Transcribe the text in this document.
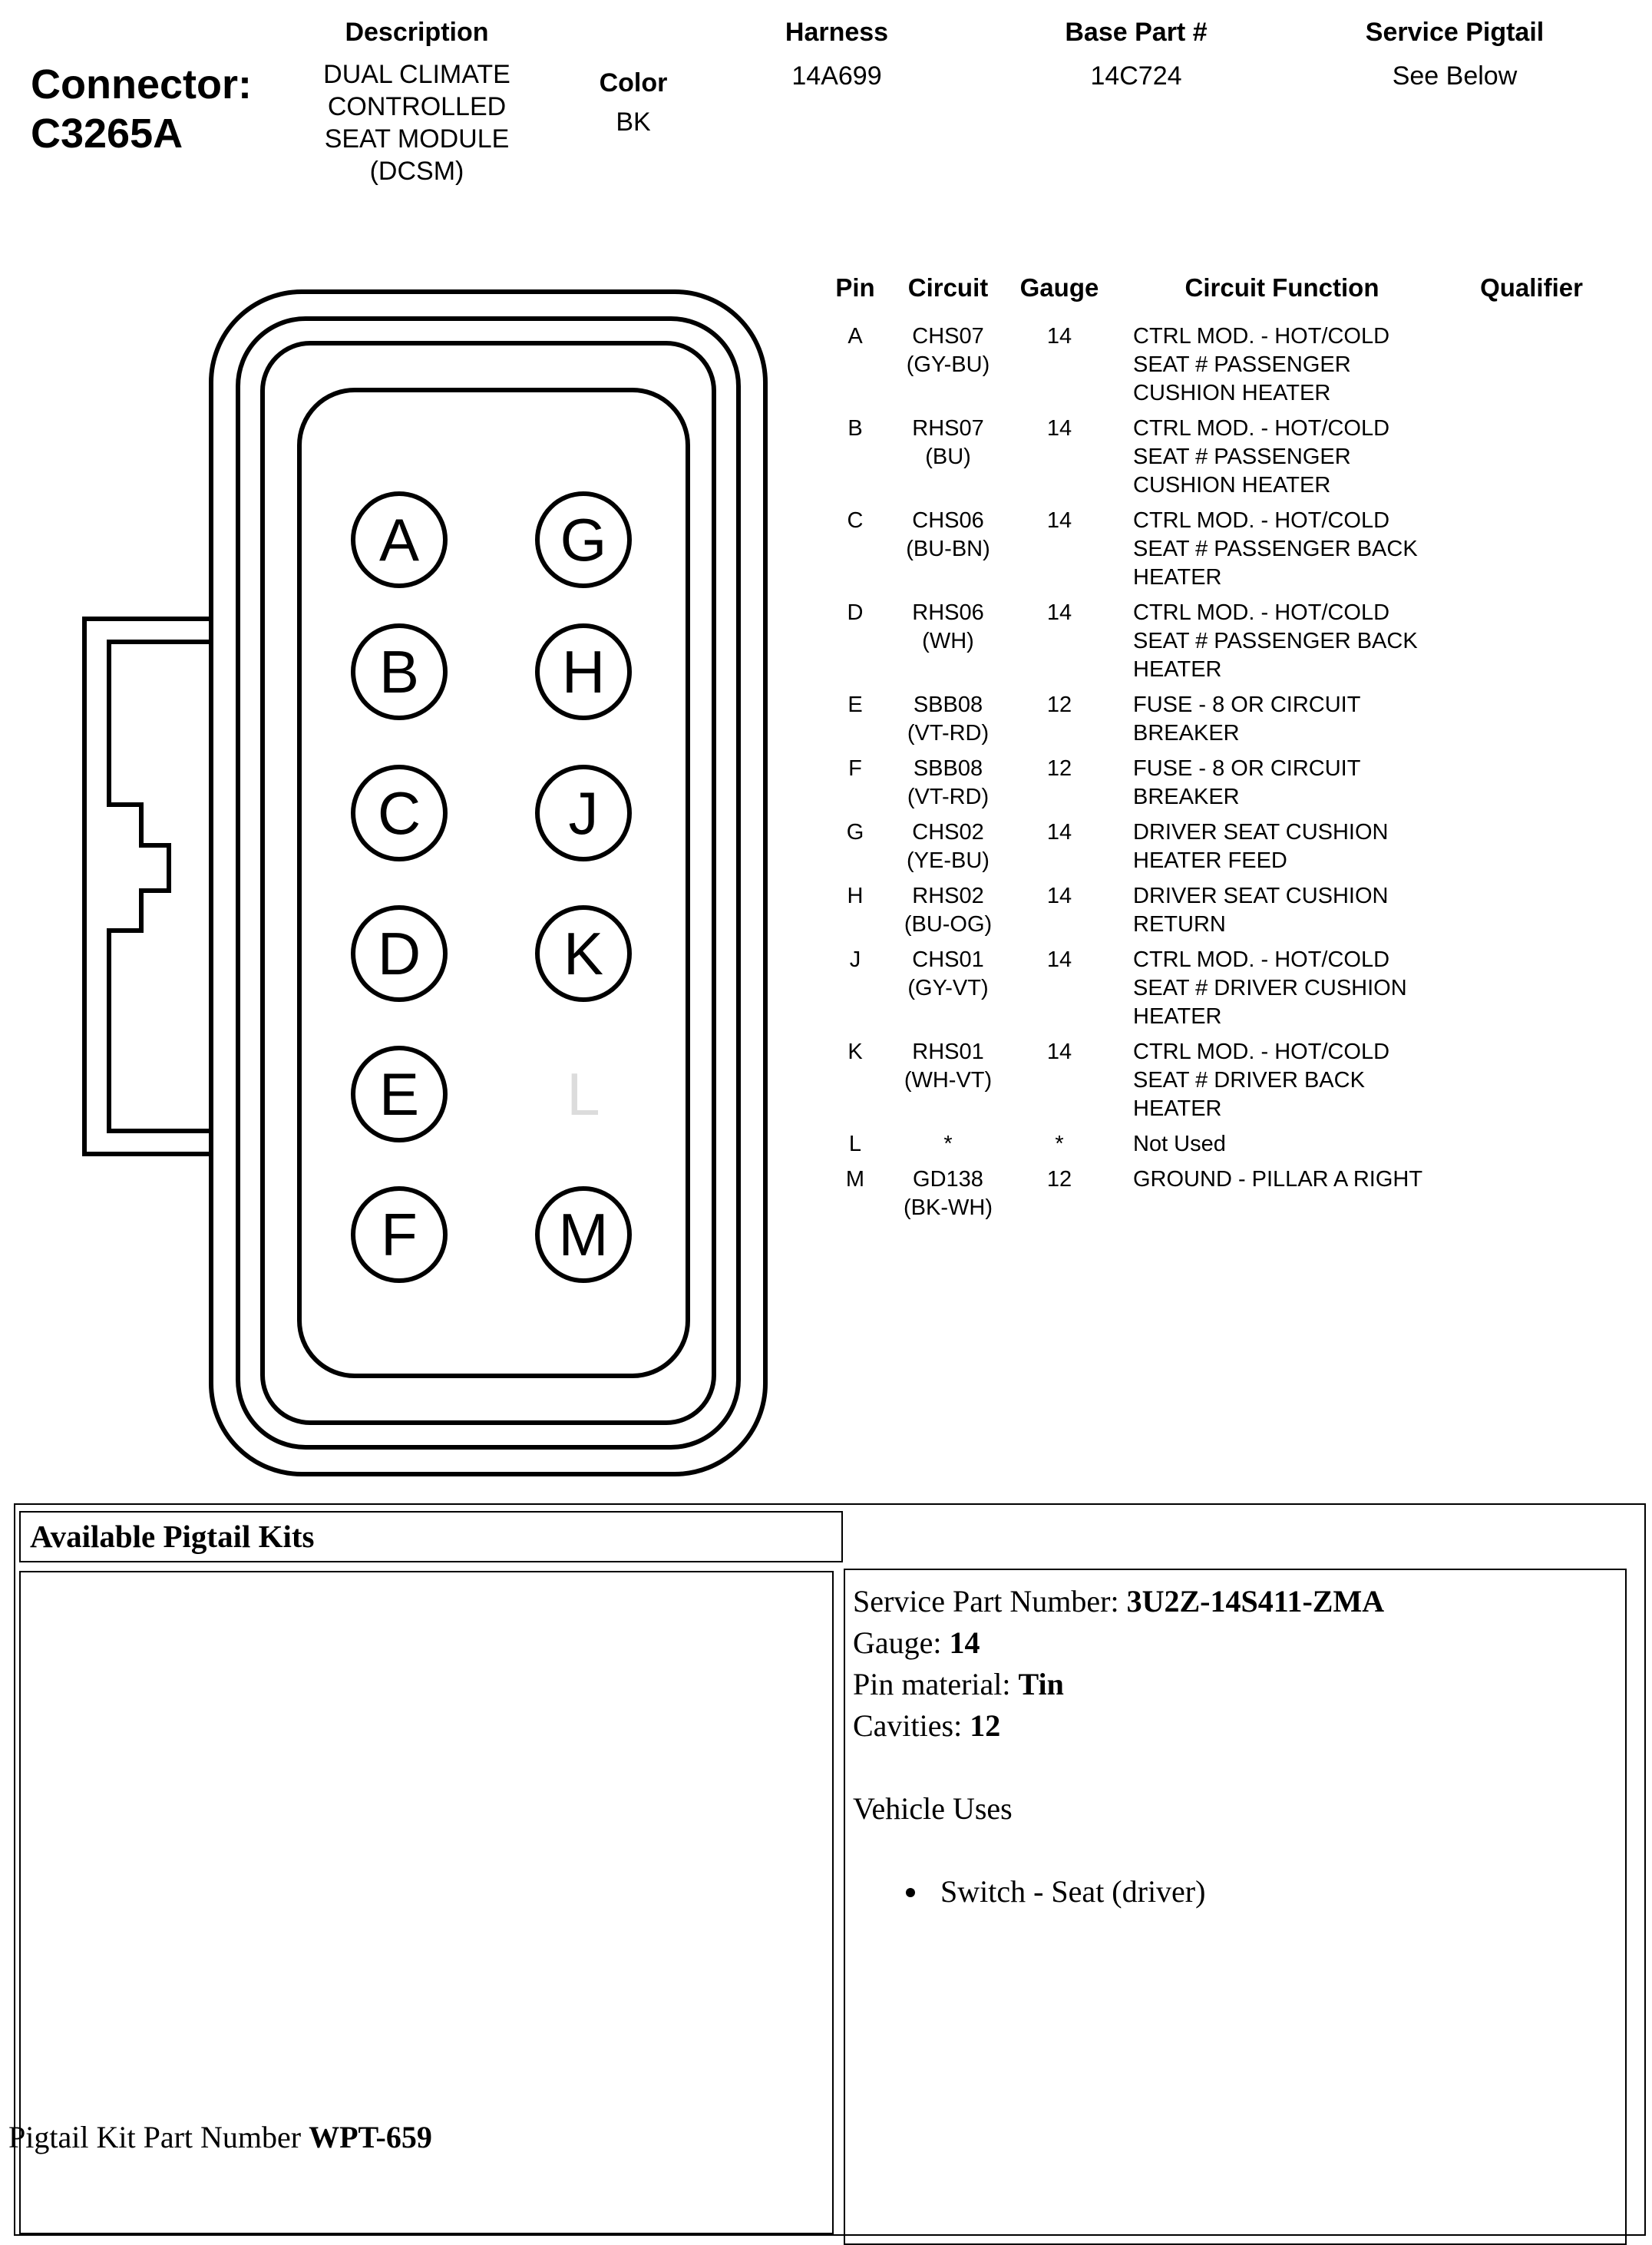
Connector:
C3265A
Description
DUAL CLIMATE
CONTROLLED
SEAT MODULE
(DCSM)
Color
BK
Harness
14A699
Base Part #
14C724
Service Pigtail
See Below
A
B
C
D
E
F
G
H
J
K
L
M
Pin	Circuit	Gauge	Circuit Function	Qualifier
A	CHS07
(GY-BU)
14	CTRL MOD. - HOT/COLD
SEAT # PASSENGER
CUSHION HEATER
B	RHS07
(BU)
14	CTRL MOD. - HOT/COLD
SEAT # PASSENGER
CUSHION HEATER
C	CHS06
(BU-BN)
14	CTRL MOD. - HOT/COLD
SEAT # PASSENGER BACK
HEATER
D	RHS06
(WH)
14	CTRL MOD. - HOT/COLD
SEAT # PASSENGER BACK
HEATER
E	SBB08
(VT-RD)
12	FUSE - 8 OR CIRCUIT
BREAKER
F	SBB08
(VT-RD)
12	FUSE - 8 OR CIRCUIT
BREAKER
G	CHS02
(YE-BU)
14	DRIVER SEAT CUSHION
HEATER FEED
H	RHS02
(BU-OG)
14	DRIVER SEAT CUSHION
RETURN
J	CHS01
(GY-VT)
14	CTRL MOD. - HOT/COLD
SEAT # DRIVER CUSHION
HEATER
K	RHS01
(WH-VT)
14	CTRL MOD. - HOT/COLD
SEAT # DRIVER BACK
HEATER
L	*	*	Not Used
M	GD138
(BK-WH)
12	GROUND - PILLAR A RIGHT
Available Pigtail Kits
Pigtail Kit Part Number WPT-659
Service Part Number: 3U2Z-14S411-ZMA
Gauge: 14
Pin material: Tin
Cavities: 12
Vehicle Uses
• Switch - Seat (driver)
